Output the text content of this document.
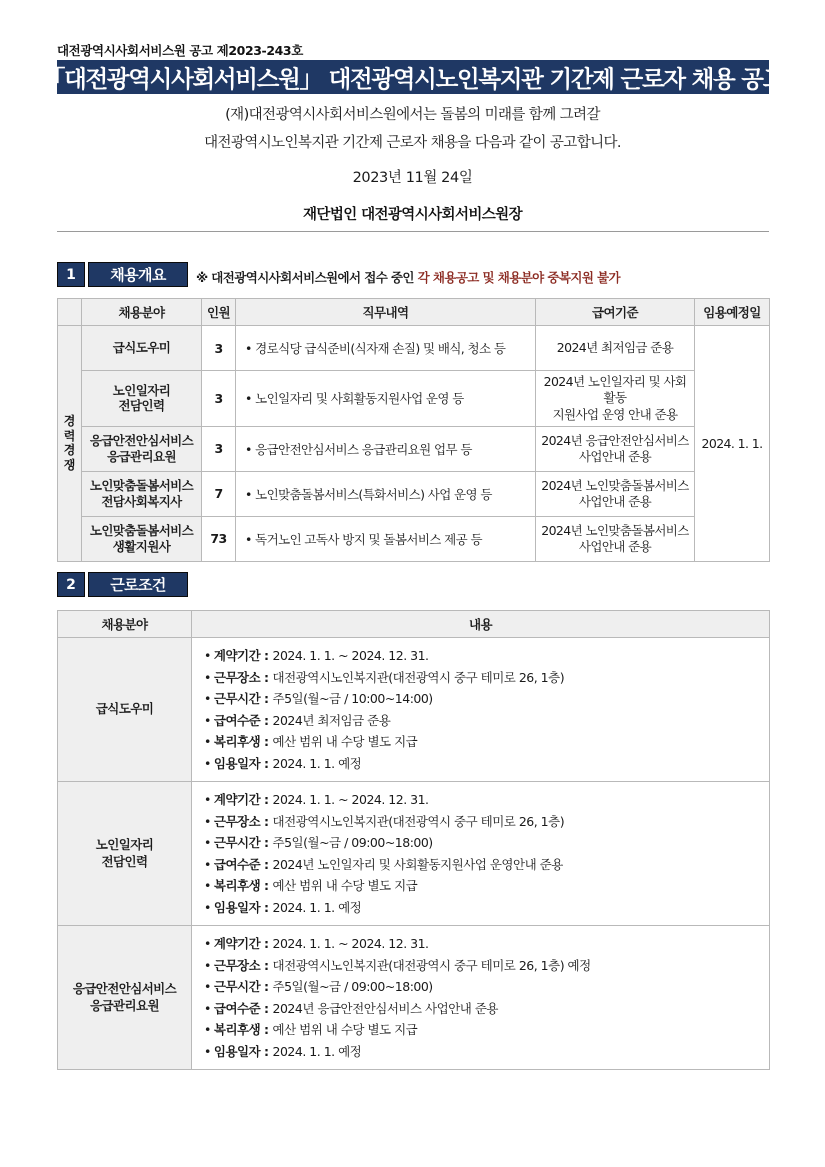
대전광역시사회서비스원 공고 제2023-243호
「대전광역시사회서비스원」 대전광역시노인복지관 기간제 근로자 채용 공고
(재)대전광역시사회서비스원에서는 돌봄의 미래를 함께 그려갈
대전광역시노인복지관 기간제 근로자 채용을 다음과 같이 공고합니다.
2023년 11월 24일
재단법인 대전광역시사회서비스원장
1	채용개요	※ 대전광역시사회서비스원에서 접수 중인 각 채용공고 및 채용분야 중복지원 불가
	채용분야	인원	직무내역	급여기준	임용예정일

경
력
경
쟁	급식도우미	3	• 경로식당 급식준비(식자재 손질) 및 배식, 청소 등	2024년 최저임금 준용	2024. 1. 1.
	노인일자리
전담인력	3	• 노인일자리 및 사회활동지원사업 운영 등	2024년 노인일자리 및 사회활동
지원사업 운영 안내 준용	
	응급안전안심서비스
응급관리요원	3	• 응급안전안심서비스 응급관리요원 업무 등	2024년 응급안전안심서비스
사업안내 준용	
	노인맞춤돌봄서비스
전담사회복지사	7	• 노인맞춤돌봄서비스(특화서비스) 사업 운영 등	2024년 노인맞춤돌봄서비스
사업안내 준용	
	노인맞춤돌봄서비스
생활지원사	73	• 독거노인 고독사 방지 및 돌봄서비스 제공 등	2024년 노인맞춤돌봄서비스
사업안내 준용	
2	근로조건
채용분야	내용
급식도우미	
• 계약기간 : 2024. 1. 1. ~ 2024. 12. 31.
• 근무장소 : 대전광역시노인복지관(대전광역시 중구 테미로 26, 1층)
• 근무시간 : 주5일(월~금 / 10:00~14:00)
• 급여수준 : 2024년 최저임금 준용
• 복리후생 : 예산 범위 내 수당 별도 지급
• 임용일자 : 2024. 1. 1. 예정

노인일자리
전담인력	
• 계약기간 : 2024. 1. 1. ~ 2024. 12. 31.
• 근무장소 : 대전광역시노인복지관(대전광역시 중구 테미로 26, 1층)
• 근무시간 : 주5일(월~금 / 09:00~18:00)
• 급여수준 : 2024년 노인일자리 및 사회활동지원사업 운영안내 준용
• 복리후생 : 예산 범위 내 수당 별도 지급
• 임용일자 : 2024. 1. 1. 예정

응급안전안심서비스
응급관리요원	
• 계약기간 : 2024. 1. 1. ~ 2024. 12. 31.
• 근무장소 : 대전광역시노인복지관(대전광역시 중구 테미로 26, 1층) 예정
• 근무시간 : 주5일(월~금 / 09:00~18:00)
• 급여수준 : 2024년 응급안전안심서비스 사업안내 준용
• 복리후생 : 예산 범위 내 수당 별도 지급
• 임용일자 : 2024. 1. 1. 예정
